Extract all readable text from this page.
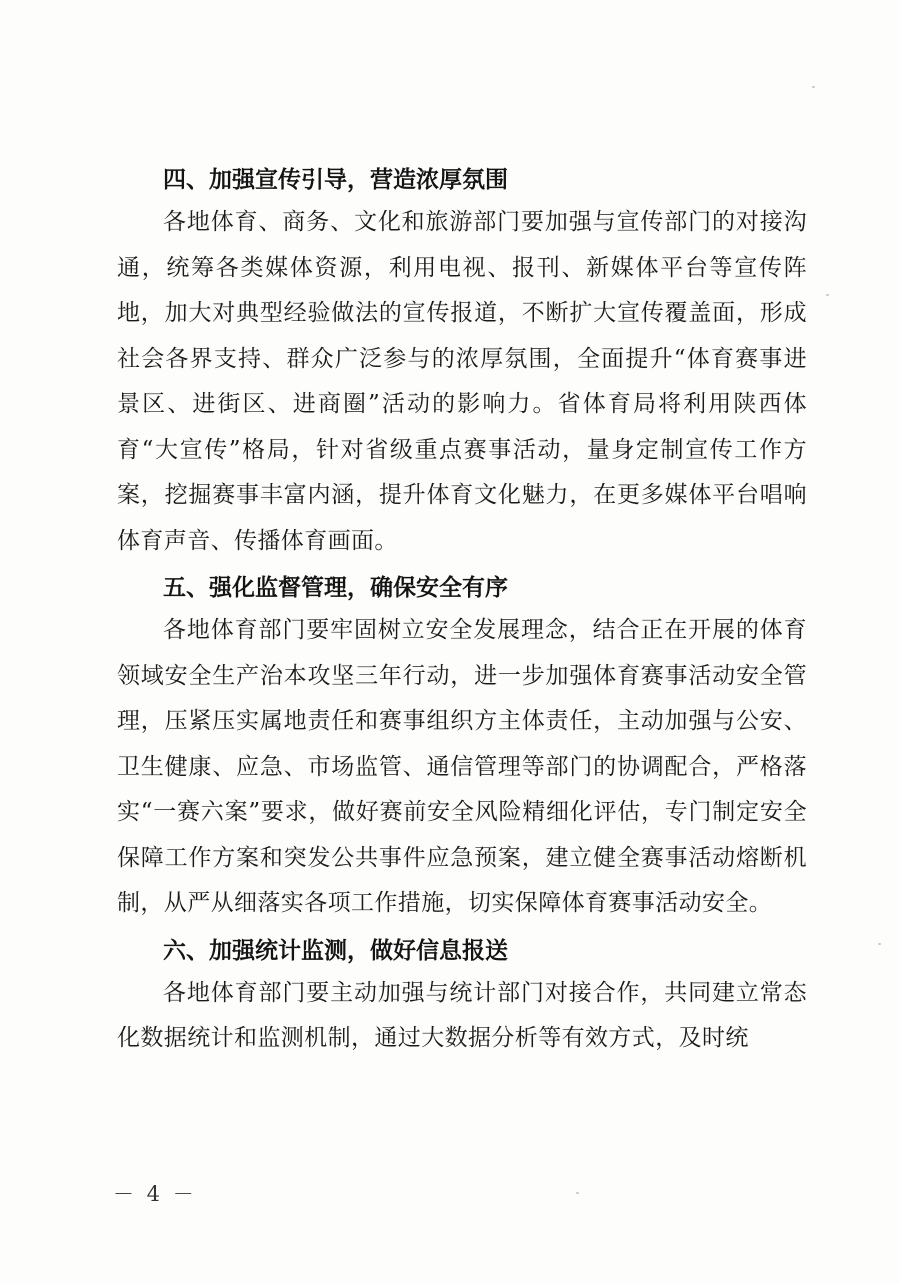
四、加强宣传引导，营造浓厚氛围

各地体育、商务、文化和旅游部门要加强与宣传部门的对接沟通，统筹各类媒体资源，利用电视、报刊、新媒体平台等宣传阵地，加大对典型经验做法的宣传报道，不断扩大宣传覆盖面，形成社会各界支持、群众广泛参与的浓厚氛围，全面提升“体育赛事进景区、进街区、进商圈”活动的影响力。省体育局将利用陕西体育“大宣传”格局，针对省级重点赛事活动，量身定制宣传工作方案，挖掘赛事丰富内涵，提升体育文化魅力，在更多媒体平台唱响体育声音、传播体育画面。

五、强化监督管理，确保安全有序

各地体育部门要牢固树立安全发展理念，结合正在开展的体育领域安全生产治本攻坚三年行动，进一步加强体育赛事活动安全管理，压紧压实属地责任和赛事组织方主体责任，主动加强与公安、卫生健康、应急、市场监管、通信管理等部门的协调配合，严格落实“一赛六案”要求，做好赛前安全风险精细化评估，专门制定安全保障工作方案和突发公共事件应急预案，建立健全赛事活动熔断机制，从严从细落实各项工作措施，切实保障体育赛事活动安全。

六、加强统计监测，做好信息报送

各地体育部门要主动加强与统计部门对接合作，共同建立常态化数据统计和监测机制，通过大数据分析等有效方式，及时统

－ 4 －
